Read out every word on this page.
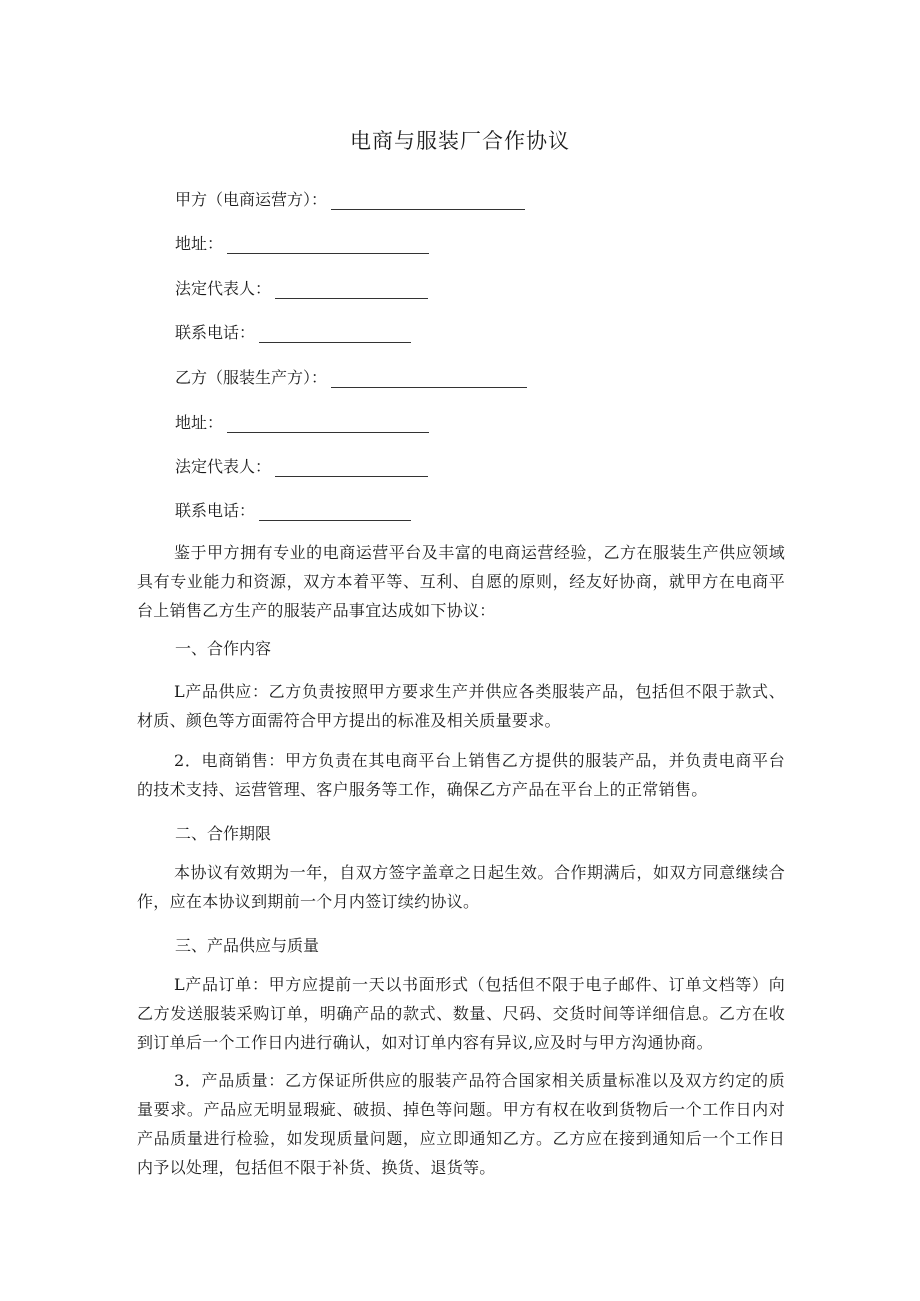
电商与服装厂合作协议
甲方（电商运营方）：
地址：
法定代表人：
联系电话：
乙方（服装生产方）：
地址：
法定代表人：
联系电话：
鉴于甲方拥有专业的电商运营平台及丰富的电商运营经验，乙方在服装生产供应领域具有专业能力和资源，双方本着平等、互利、自愿的原则，经友好协商，就甲方在电商平台上销售乙方生产的服装产品事宜达成如下协议：
一、合作内容
L产品供应：乙方负责按照甲方要求生产并供应各类服装产品，包括但不限于款式、材质、颜色等方面需符合甲方提出的标准及相关质量要求。
2．电商销售：甲方负责在其电商平台上销售乙方提供的服装产品，并负责电商平台的技术支持、运营管理、客户服务等工作，确保乙方产品在平台上的正常销售。
二、合作期限
本协议有效期为一年，自双方签字盖章之日起生效。合作期满后，如双方同意继续合作，应在本协议到期前一个月内签订续约协议。
三、产品供应与质量
L产品订单：甲方应提前一天以书面形式（包括但不限于电子邮件、订单文档等）向乙方发送服装采购订单，明确产品的款式、数量、尺码、交货时间等详细信息。乙方在收到订单后一个工作日内进行确认，如对订单内容有异议,应及时与甲方沟通协商。
3．产品质量：乙方保证所供应的服装产品符合国家相关质量标准以及双方约定的质量要求。产品应无明显瑕疵、破损、掉色等问题。甲方有权在收到货物后一个工作日内对产品质量进行检验，如发现质量问题，应立即通知乙方。乙方应在接到通知后一个工作日内予以处理，包括但不限于补货、换货、退货等。
